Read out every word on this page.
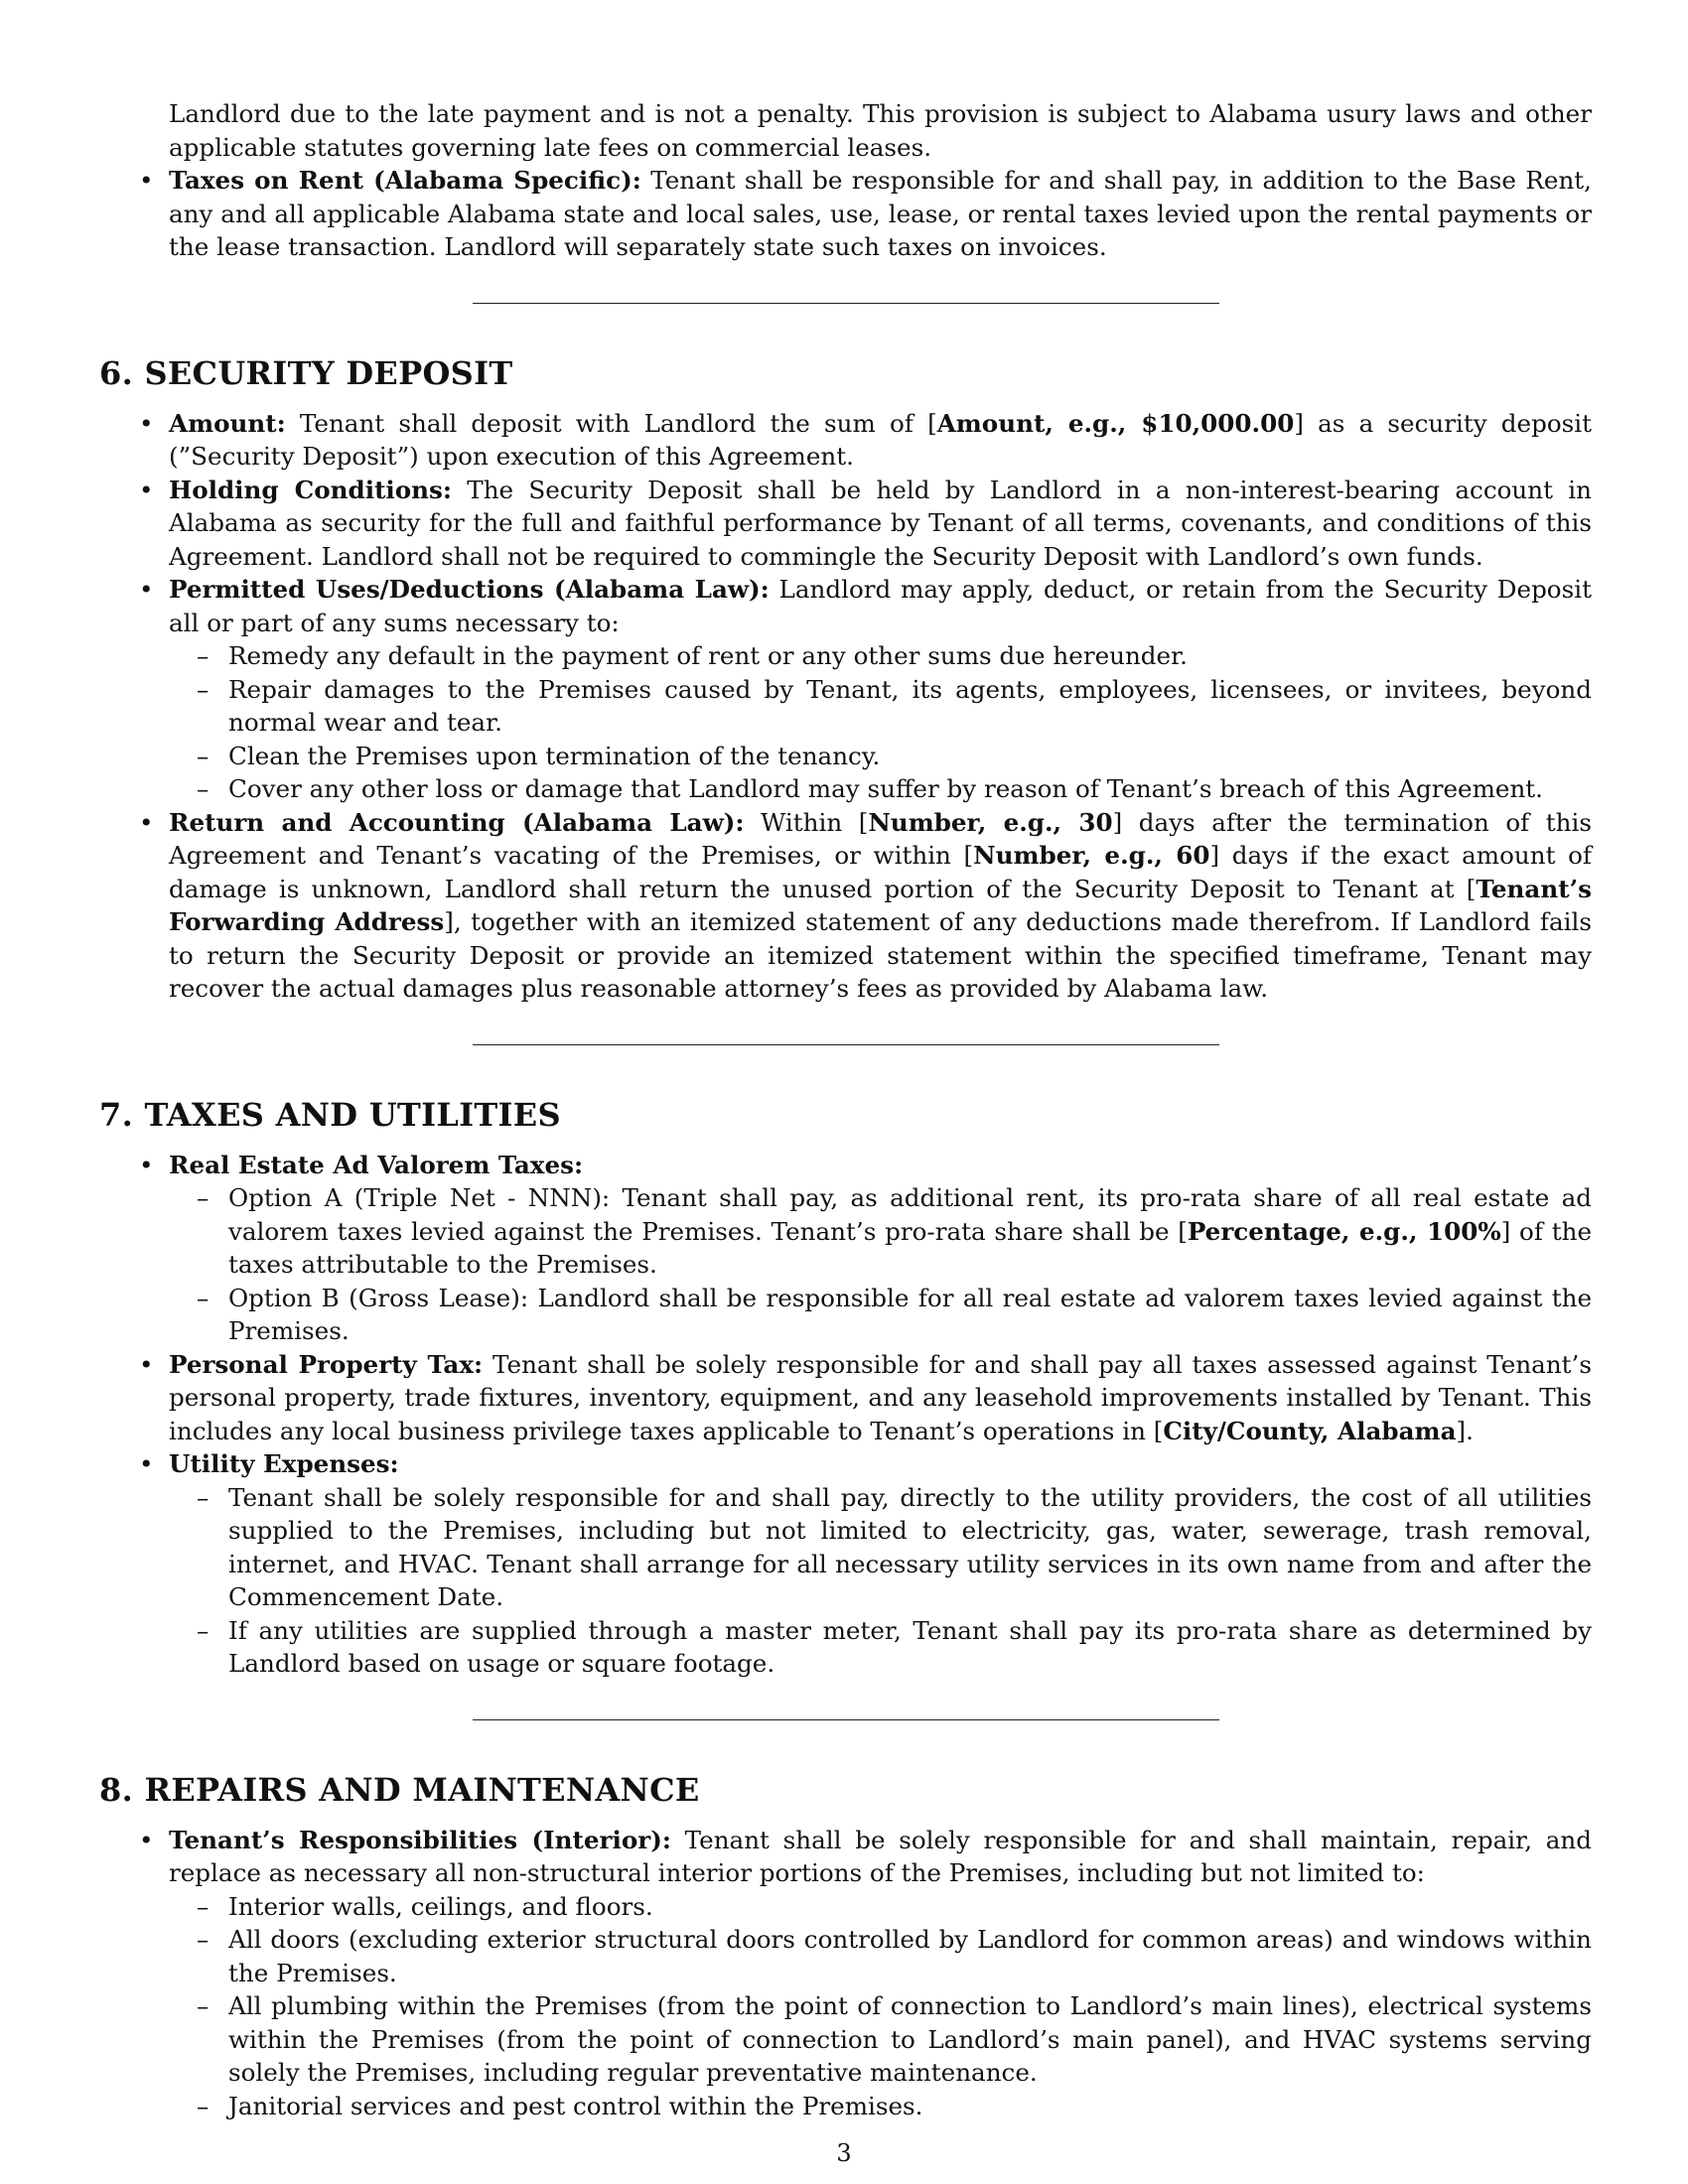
Landlord due to the late payment and is not a penalty. This provision is subject to Alabama usury laws and other applicable statutes governing late fees on commercial leases.

• Taxes on Rent (Alabama Specific): Tenant shall be responsible for and shall pay, in addition to the Base Rent, any and all applicable Alabama state and local sales, use, lease, or rental taxes levied upon the rental payments or the lease transaction. Landlord will separately state such taxes on invoices.
6. SECURITY DEPOSIT
• Amount: Tenant shall deposit with Landlord the sum of [Amount, e.g., $10,000.00] as a security deposit (”Security Deposit”) upon execution of this Agreement.
• Holding Conditions: The Security Deposit shall be held by Landlord in a non-interest-bearing account in Alabama as security for the full and faithful performance by Tenant of all terms, covenants, and conditions of this Agreement. Landlord shall not be required to commingle the Security Deposit with Landlord’s own funds.
• Permitted Uses/Deductions (Alabama Law): Landlord may apply, deduct, or retain from the Security Deposit all or part of any sums necessary to:
– Remedy any default in the payment of rent or any other sums due hereunder.
– Repair damages to the Premises caused by Tenant, its agents, employees, licensees, or invitees, beyond normal wear and tear.
– Clean the Premises upon termination of the tenancy.
– Cover any other loss or damage that Landlord may suffer by reason of Tenant’s breach of this Agreement.
• Return and Accounting (Alabama Law): Within [Number, e.g., 30] days after the termination of this Agreement and Tenant’s vacating of the Premises, or within [Number, e.g., 60] days if the exact amount of damage is unknown, Landlord shall return the unused portion of the Security Deposit to Tenant at [Tenant’s Forwarding Address], together with an itemized statement of any deductions made therefrom. If Landlord fails to return the Security Deposit or provide an itemized statement within the specified timeframe, Tenant may recover the actual damages plus reasonable attorney’s fees as provided by Alabama law.
7. TAXES AND UTILITIES
• Real Estate Ad Valorem Taxes:
– Option A (Triple Net - NNN): Tenant shall pay, as additional rent, its pro-rata share of all real estate ad valorem taxes levied against the Premises. Tenant’s pro-rata share shall be [Percentage, e.g., 100%] of the taxes attributable to the Premises.
– Option B (Gross Lease): Landlord shall be responsible for all real estate ad valorem taxes levied against the Premises.
• Personal Property Tax: Tenant shall be solely responsible for and shall pay all taxes assessed against Tenant’s personal property, trade fixtures, inventory, equipment, and any leasehold improvements installed by Tenant. This includes any local business privilege taxes applicable to Tenant’s operations in [City/County, Alabama].
• Utility Expenses:
– Tenant shall be solely responsible for and shall pay, directly to the utility providers, the cost of all utilities supplied to the Premises, including but not limited to electricity, gas, water, sewerage, trash removal, internet, and HVAC. Tenant shall arrange for all necessary utility services in its own name from and after the Commencement Date.
– If any utilities are supplied through a master meter, Tenant shall pay its pro-rata share as determined by Landlord based on usage or square footage.
8. REPAIRS AND MAINTENANCE
• Tenant’s Responsibilities (Interior): Tenant shall be solely responsible for and shall maintain, repair, and replace as necessary all non-structural interior portions of the Premises, including but not limited to:
– Interior walls, ceilings, and floors.
– All doors (excluding exterior structural doors controlled by Landlord for common areas) and windows within the Premises.
– All plumbing within the Premises (from the point of connection to Landlord’s main lines), electrical systems within the Premises (from the point of connection to Landlord’s main panel), and HVAC systems serving solely the Premises, including regular preventative maintenance.
– Janitorial services and pest control within the Premises.
3
